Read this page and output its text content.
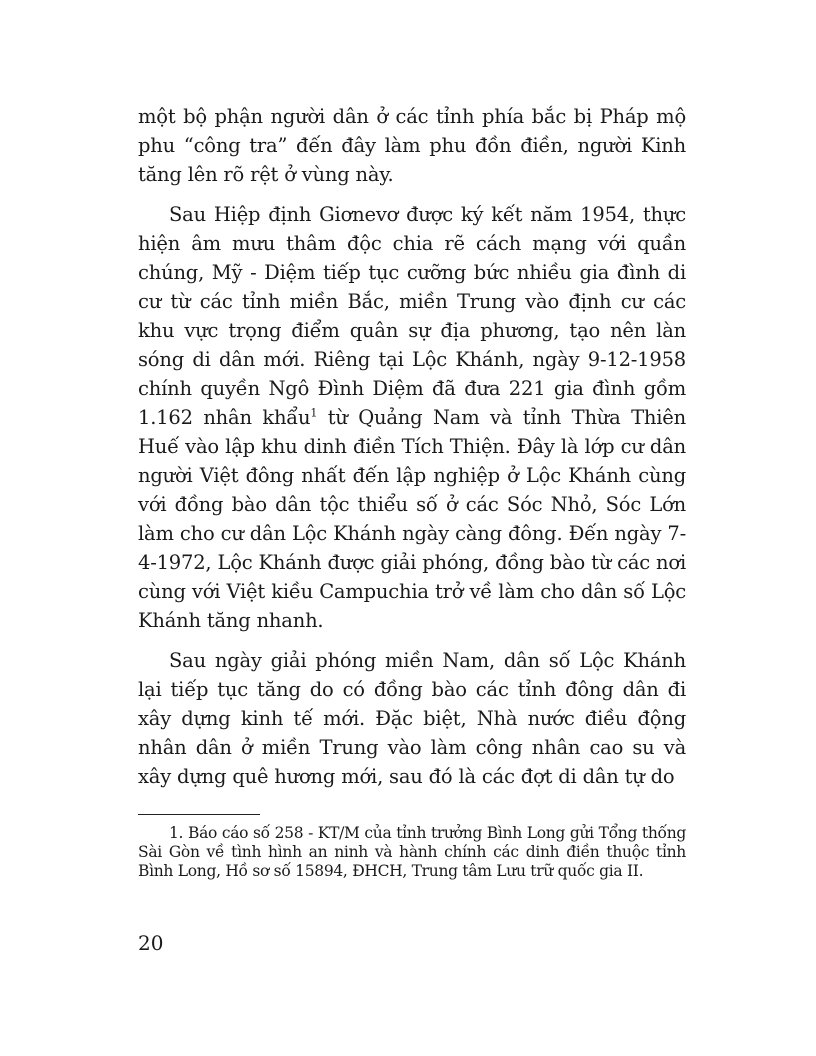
một bộ phận người dân ở các tỉnh phía bắc bị Pháp mộ phu “công tra” đến đây làm phu đồn điền, người Kinh tăng lên rõ rệt ở vùng này.

Sau Hiệp định Giơnevơ được ký kết năm 1954, thực hiện âm mưu thâm độc chia rẽ cách mạng với quần chúng, Mỹ - Diệm tiếp tục cưỡng bức nhiều gia đình di cư từ các tỉnh miền Bắc, miền Trung vào định cư các khu vực trọng điểm quân sự địa phương, tạo nên làn sóng di dân mới. Riêng tại Lộc Khánh, ngày 9-12-1958 chính quyền Ngô Đình Diệm đã đưa 221 gia đình gồm 1.162 nhân khẩu$^1$ từ Quảng Nam và tỉnh Thừa Thiên Huế vào lập khu dinh điền Tích Thiện. Đây là lớp cư dân người Việt đông nhất đến lập nghiệp ở Lộc Khánh cùng với đồng bào dân tộc thiểu số ở các Sóc Nhỏ, Sóc Lớn làm cho cư dân Lộc Khánh ngày càng đông. Đến ngày 7-4-1972, Lộc Khánh được giải phóng, đồng bào từ các nơi cùng với Việt kiều Campuchia trở về làm cho dân số Lộc Khánh tăng nhanh.

Sau ngày giải phóng miền Nam, dân số Lộc Khánh lại tiếp tục tăng do có đồng bào các tỉnh đông dân đi xây dựng kinh tế mới. Đặc biệt, Nhà nước điều động nhân dân ở miền Trung vào làm công nhân cao su và xây dựng quê hương mới, sau đó là các đợt di dân tự do

1. Báo cáo số 258 - KT/M của tỉnh trưởng Bình Long gửi Tổng thống Sài Gòn về tình hình an ninh và hành chính các dinh điền thuộc tỉnh Bình Long, Hồ sơ số 15894, ĐHCH, Trung tâm Lưu trữ quốc gia II.
20
